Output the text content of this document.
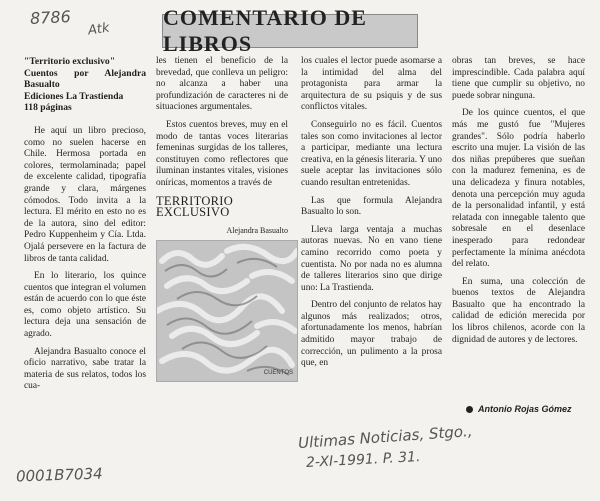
8786
Atk COMENTARIO DE LIBROS
"Territorio exclusivo"
Cuentos por Alejandra Basualto
Ediciones La Trastienda
118 páginas

He aquí un libro precioso, como no suelen hacerse en Chile. Hermosa portada en colores, termolaminada; papel de excelente calidad, tipografía grande y clara, márgenes cómodos. Todo invita a la lectura. El mérito en esto no es de la autora, sino del editor: Pedro Kuppenheim y Cía. Ltda. Ojalá persevere en la factura de libros de tanta calidad.

En lo literario, los quince cuentos que integran el volumen están de acuerdo con lo que éste es, como objeto artístico. Su lectura deja una sensación de agrado.

Alejandra Basualto conoce el oficio narrativo, sabe tratar la materia de sus relatos, todos los cua-

les tienen el beneficio de la brevedad, que conlleva un peligro: no alcanza a haber una profundización de caracteres ni de situaciones argumentales.

Estos cuentos breves, muy en el modo de tantas voces literarias femeninas surgidas de los talleres, constituyen como reflectores que iluminan instantes vitales, visiones oníricas, momentos a través de

TERRITORIO EXCLUSIVO

Alejandra Basualto
CUENTOS

los cuales el lector puede asomarse a la intimidad del alma del protagonista para armar la arquitectura de su psiquis y de sus conflictos vitales.

Conseguirlo no es fácil. Cuentos tales son como invitaciones al lector a participar, mediante una lectura creativa, en la génesis literaria. Y uno suele aceptar las invitaciones sólo cuando resultan entretenidas.

Las que formula Alejandra Basualto lo son.

Lleva larga ventaja a muchas autoras nuevas. No en vano tiene camino recorrido como poeta y cuentista. No por nada no es alumna de talleres literarios sino que dirige uno: La Trastienda.

Dentro del conjunto de relatos hay algunos más realizados; otros, afortunadamente los menos, habrían admitido mayor trabajo de corrección, un pulimento a la prosa que, en

obras tan breves, se hace imprescindible. Cada palabra aquí tiene que cumplir su objetivo, no puede sobrar ninguna.

De los quince cuentos, el que más me gustó fue "Mujeres grandes". Sólo podría haberlo escrito una mujer. La visión de las dos niñas prepúberes que sueñan con la madurez femenina, es de una delicadeza y finura notables, denota una percepción muy aguda de la personalidad infantil, y está relatada con innegable talento que sobresale en el desenlace inesperado para redondear perfectamente la mínima anécdota del relato.

En suma, una colección de buenos textos de Alejandra Basualto que ha encontrado la calidad de edición merecida por los libros chilenos, acorde con la dignidad de autores y de lectores.

Antonio Rojas Gómez
Ultimas Noticias, Stgo.,
2-XI-1991. P. 31.
0001B7034
